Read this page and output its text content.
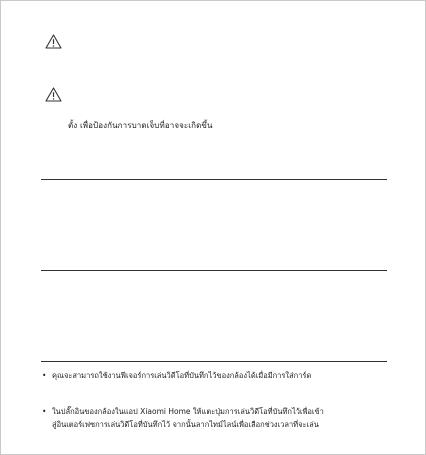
ตั้ง เพื่อป้องกันการบาดเจ็บที่อาจจะเกิดขึ้น
• คุณจะสามารถใช้งานฟีเจอร์การเล่นวิดีโอที่บันทึกไว้ของกล้องได้เมื่อมีการใส่การ์ด
• ในปลั๊กอินของกล้องในแอป Xiaomi Home ให้แตะปุ่มการเล่นวิดีโอที่บันทึกไว้เพื่อเข้า
สู่อินเตอร์เฟซการเล่นวิดีโอที่บันทึกไว้ จากนั้นลากไทม์ไลน์เพื่อเลือกช่วงเวลาที่จะเล่น
